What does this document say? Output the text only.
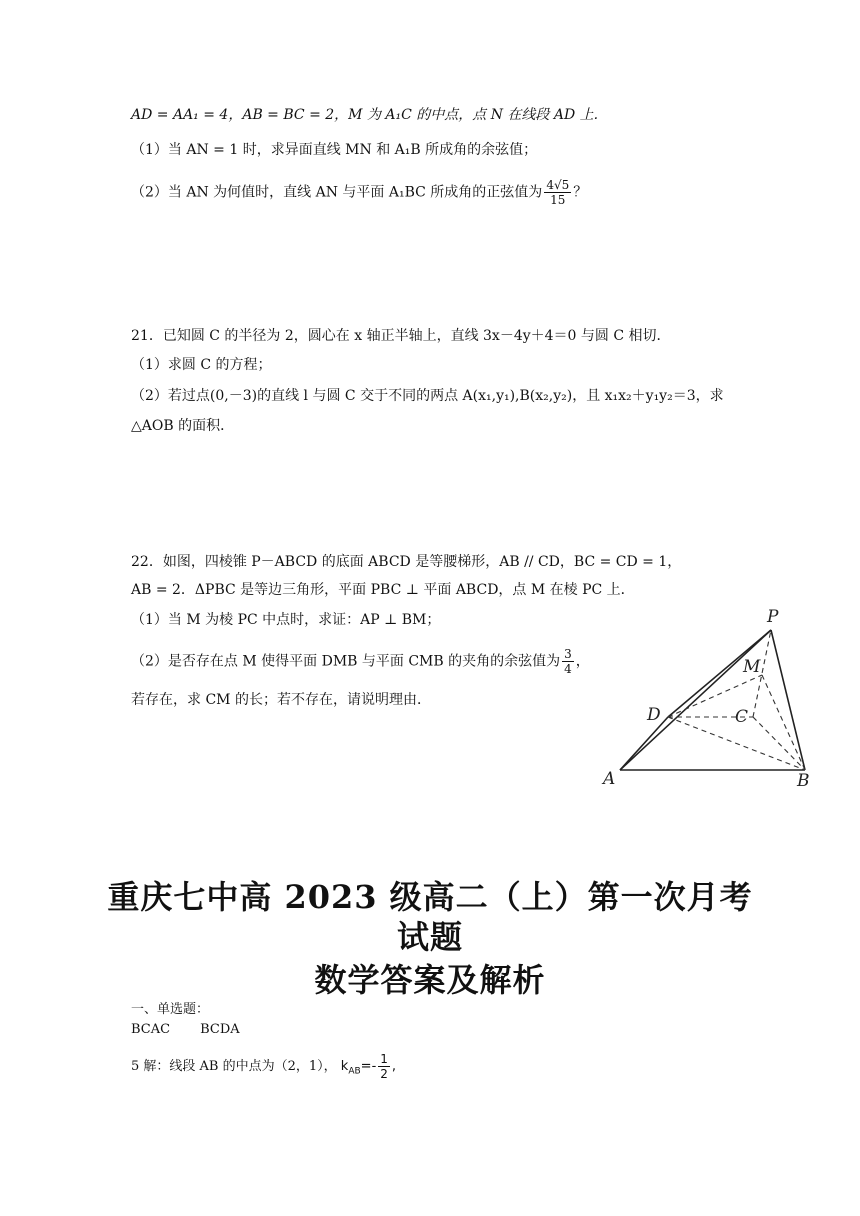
AD = AA₁ = 4，AB = BC = 2，M 为 A₁C 的中点，点 N 在线段 AD 上.
（1）当 AN = 1 时，求异面直线 MN 和 A₁B 所成角的余弦值；
（2）当 AN 为何值时，直线 AN 与平面 A₁BC 所成角的正弦值为 $\frac{4√5}{15}$ ？
21．已知圆 C 的半径为 2，圆心在 x 轴正半轴上，直线 3x－4y＋4＝0 与圆 C 相切．
（1）求圆 C 的方程；
（2）若过点(0,－3)的直线 l 与圆 C 交于不同的两点 A(x₁,y₁),B(x₂,y₂)，且 x₁x₂＋y₁y₂＝3，求
△AOB 的面积．
22．如图，四棱锥 P－ABCD 的底面 ABCD 是等腰梯形，AB // CD，BC = CD = 1，
AB = 2．ΔPBC 是等边三角形，平面 PBC ⊥ 平面 ABCD，点 M 在棱 PC 上．
（1）当 M 为棱 PC 中点时，求证：AP ⊥ BM；
（2）是否存在点 M 使得平面 DMB 与平面 CMB 的夹角的余弦值为 $\frac{3}{4}$ ，
若存在，求 CM 的长；若不存在，请说明理由．
P
M
D	C
A	B
重庆七中高 2023 级高二（上）第一次月考
试题
数学答案及解析
一、单选题：
BCAC BCDA
5 解：线段 AB 的中点为（2，1）， $k_{AB}=- \frac{1}{2}$ ,
